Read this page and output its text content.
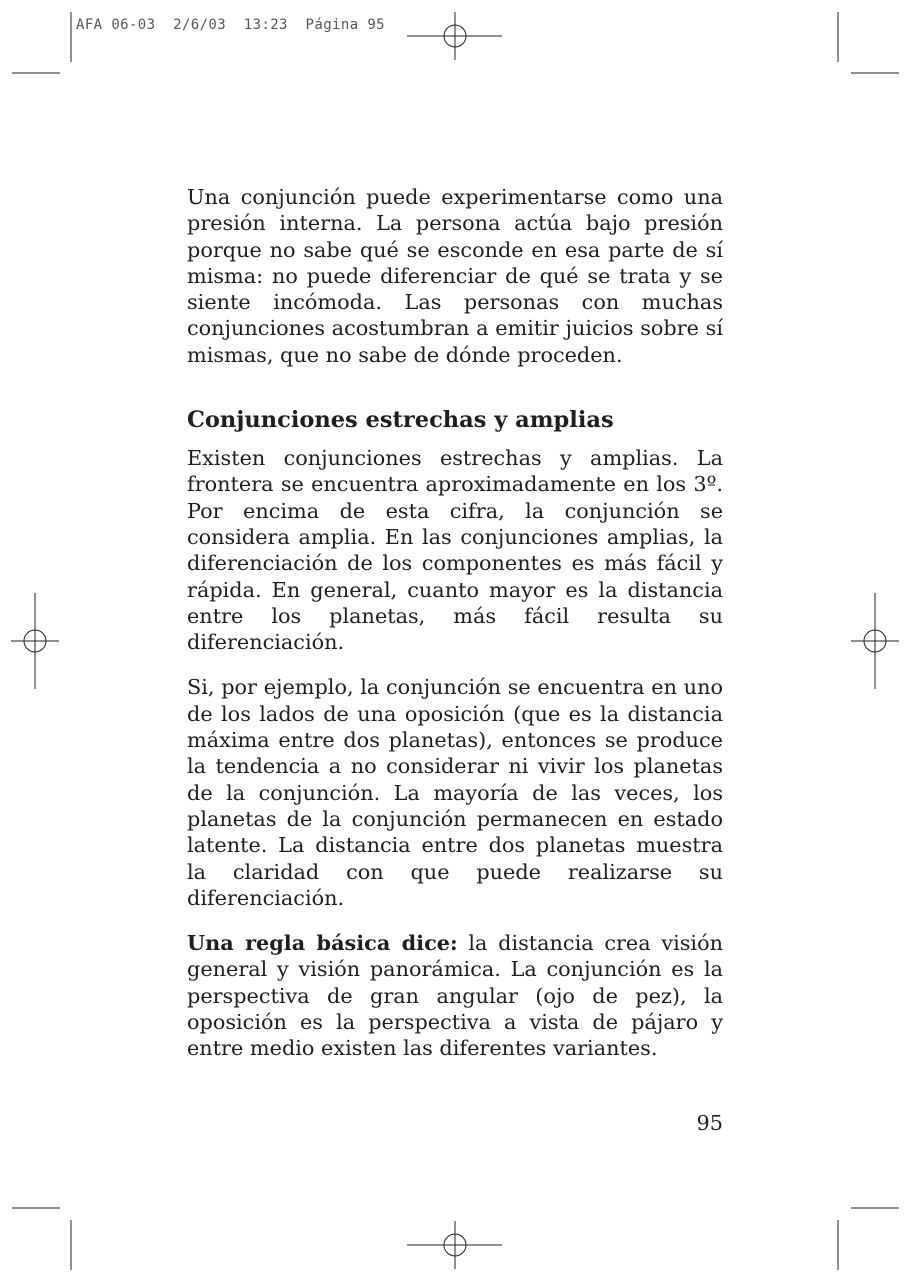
AFA 06-03  2/6/03  13:23  Página 95

Una conjunción puede experimentarse como una presión interna. La persona actúa bajo presión porque no sabe qué se esconde en esa parte de sí misma: no puede diferenciar de qué se trata y se siente incómoda. Las personas con muchas conjunciones acostumbran a emitir juicios sobre sí mismas, que no sabe de dónde proceden.

Conjunciones estrechas y amplias

Existen conjunciones estrechas y amplias. La frontera se encuentra aproximadamente en los 3º. Por encima de esta cifra, la conjunción se considera amplia. En las conjunciones amplias, la diferenciación de los componentes es más fácil y rápida. En general, cuanto mayor es la distancia entre los planetas, más fácil resulta su diferenciación.

Si, por ejemplo, la conjunción se encuentra en uno de los lados de una oposición (que es la distancia máxima entre dos planetas), entonces se produce la tendencia a no considerar ni vivir los planetas de la conjunción. La mayoría de las veces, los planetas de la conjunción permanecen en estado latente. La distancia entre dos planetas muestra la claridad con que puede realizarse su diferenciación.

Una regla básica dice: la distancia crea visión general y visión panorámica. La conjunción es la perspectiva de gran angular (ojo de pez), la oposición es la perspectiva a vista de pájaro y entre medio existen las diferentes variantes.

95
